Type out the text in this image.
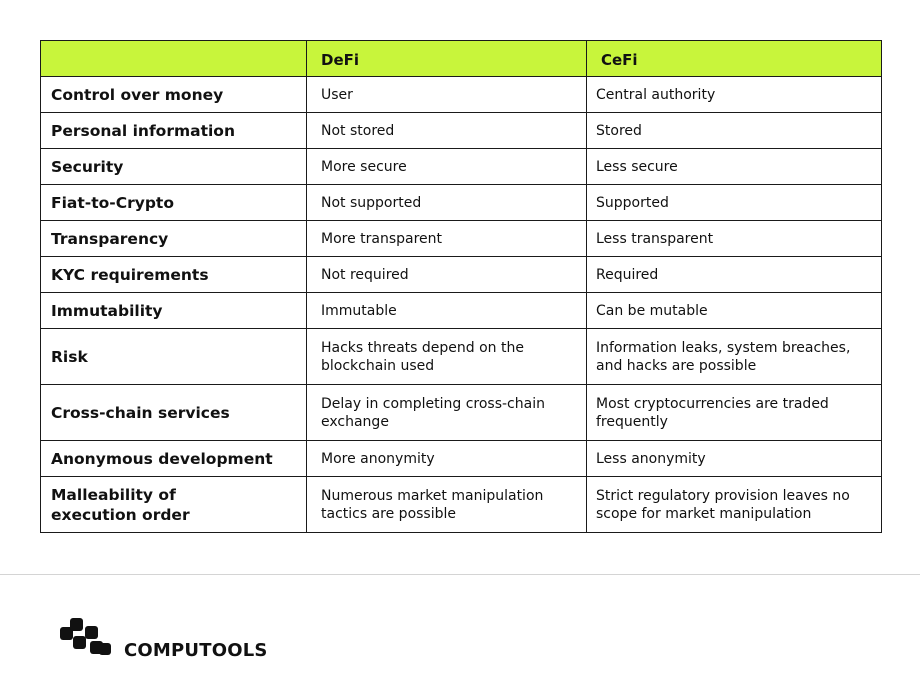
	DeFi	CeFi
Control over money	User	Central authority
Personal information	Not stored	Stored
Security	More secure	Less secure
Fiat-to-Crypto	Not supported	Supported
Transparency	More transparent	Less transparent
KYC requirements	Not required	Required
Immutability	Immutable	Can be mutable
Risk	Hacks threats depend on the blockchain used	Information leaks, system breaches, and hacks are possible
Cross-chain services	Delay in completing cross-chain exchange	Most cryptocurrencies are traded frequently
Anonymous development	More anonymity	Less anonymity
Malleability of execution order	Numerous market manipulation tactics are possible	Strict regulatory provision leaves no scope for market manipulation
COMPUTOOLS
